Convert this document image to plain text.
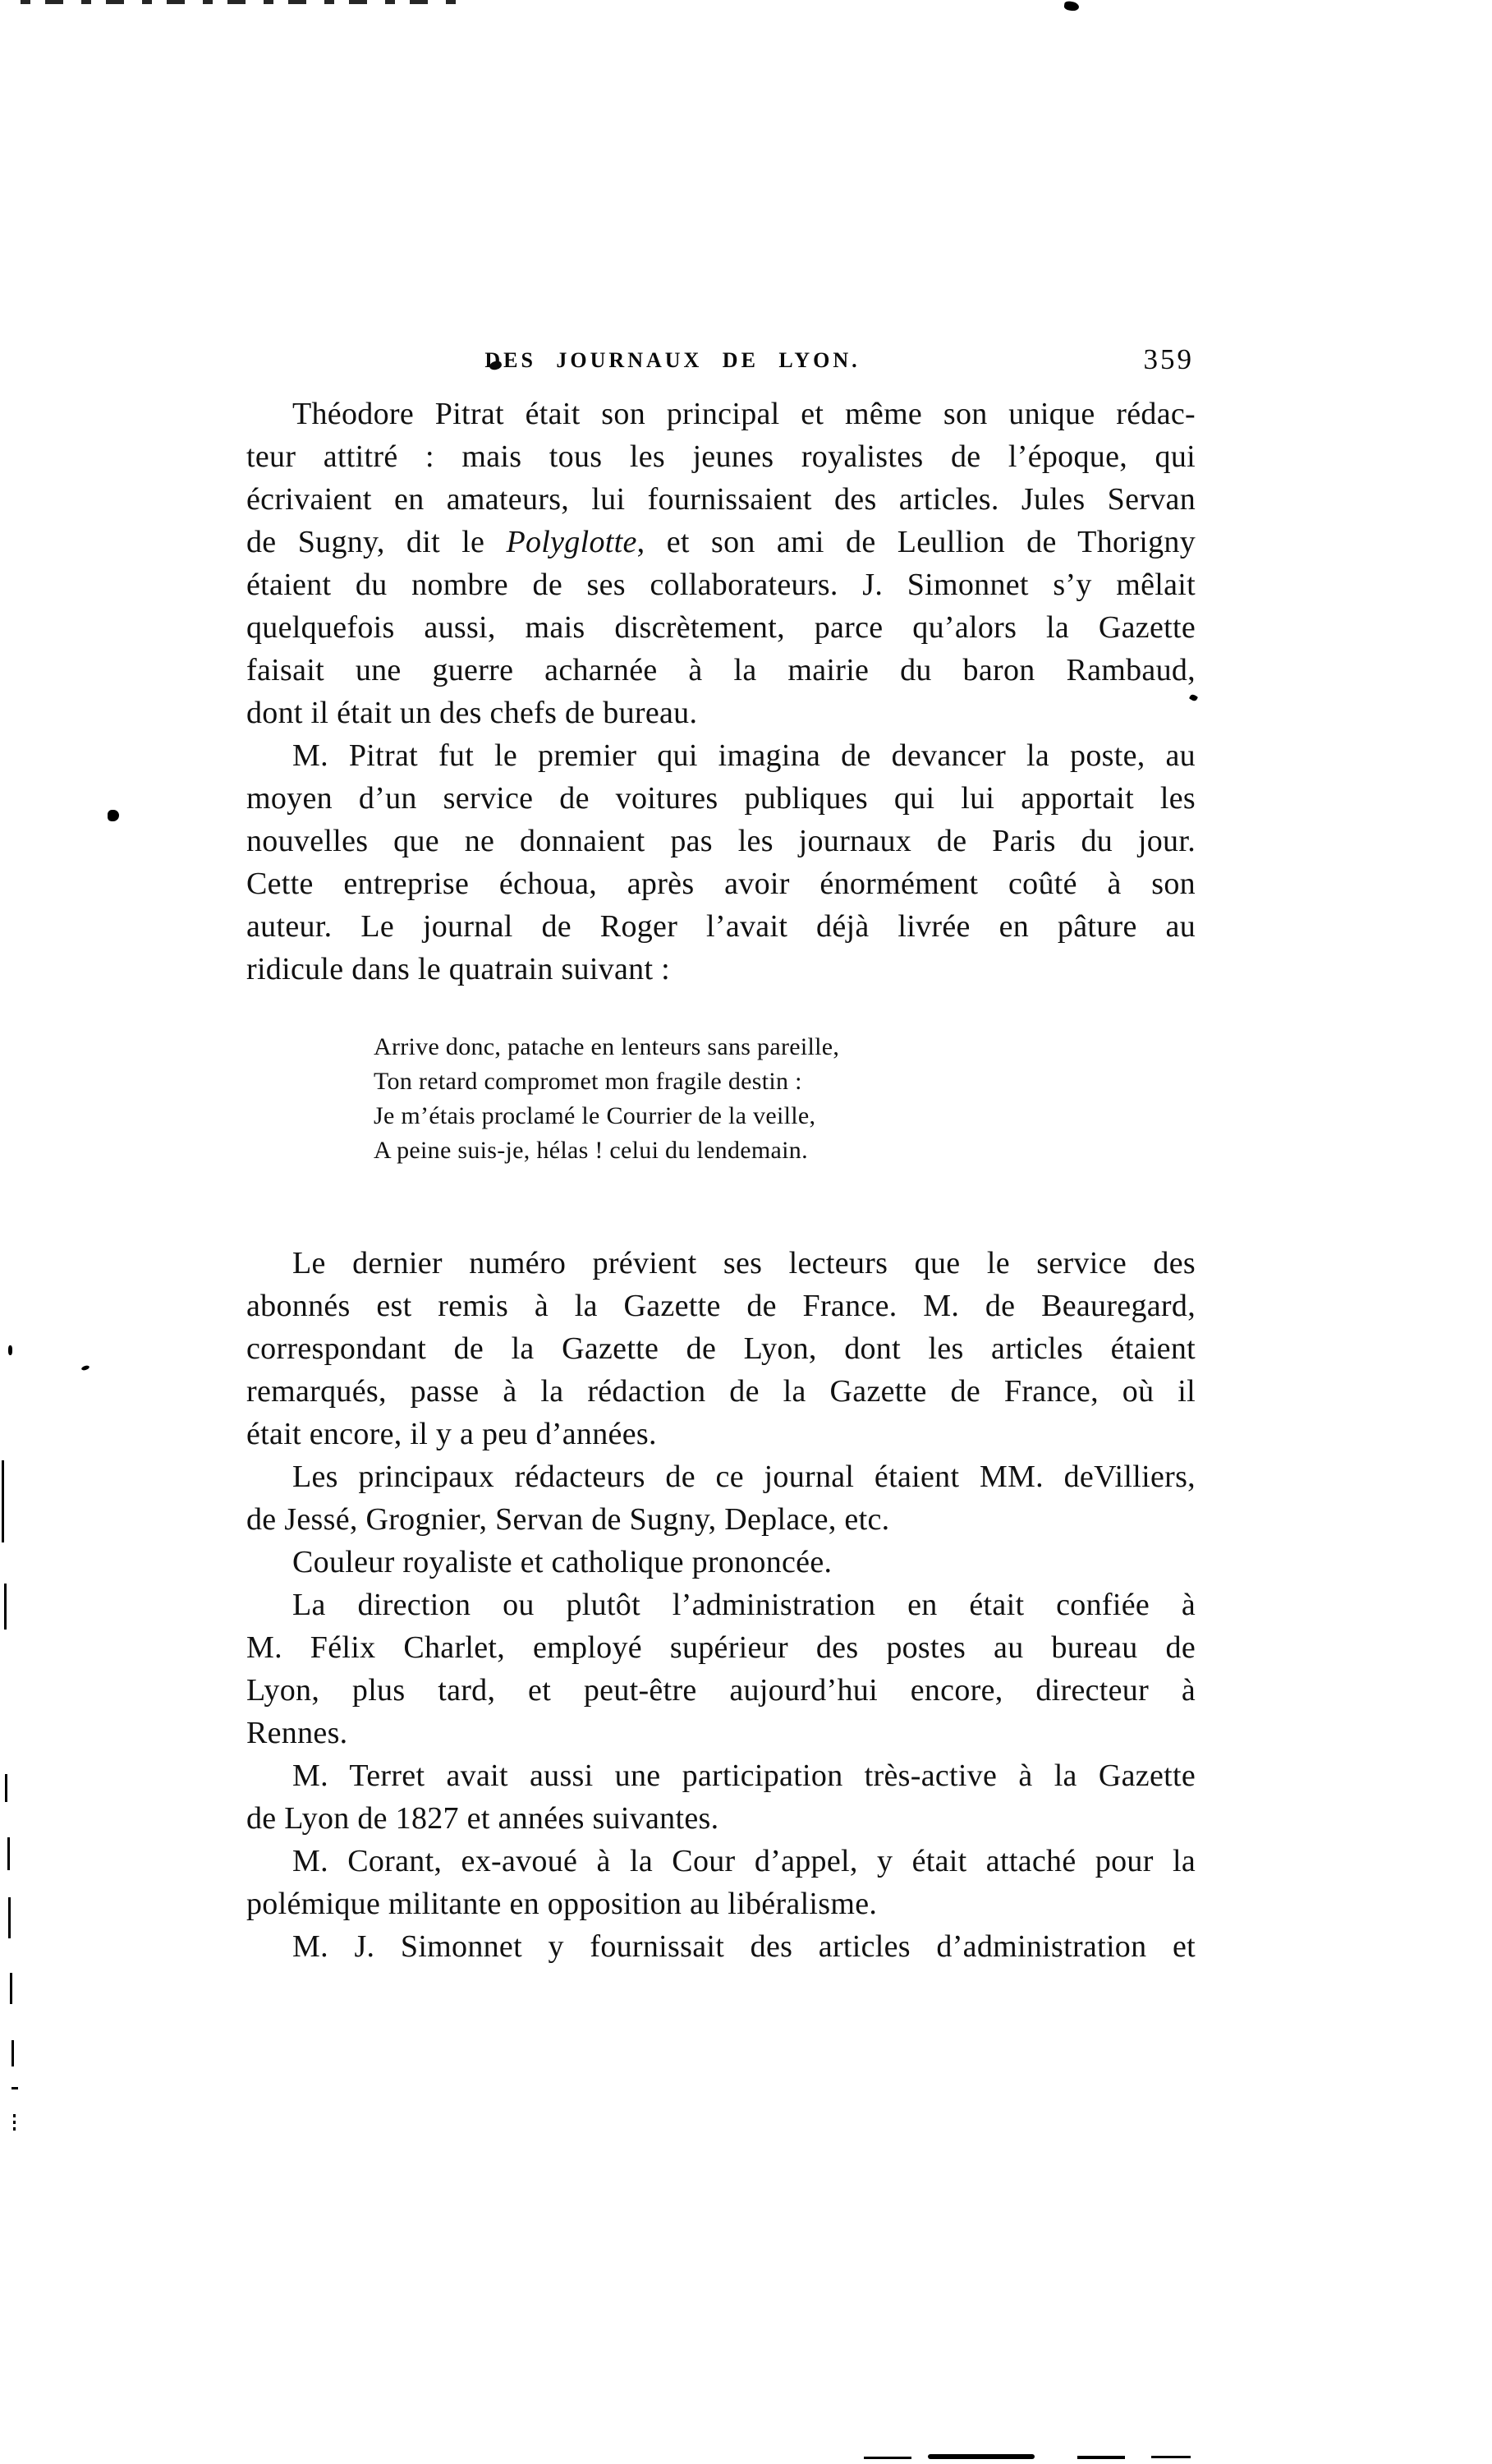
DES JOURNAUX DE LYON.	359
Théodore Pitrat était son principal et même son unique rédac-
teur attitré : mais tous les jeunes royalistes de l’époque, qui
écrivaient en amateurs, lui fournissaient des articles. Jules Servan
de Sugny, dit le Polyglotte, et son ami de Leullion de Thorigny
étaient du nombre de ses collaborateurs. J. Simonnet s’y mêlait
quelquefois aussi, mais discrètement, parce qu’alors la Gazette
faisait une guerre acharnée à la mairie du baron Rambaud,
dont il était un des chefs de bureau.
M. Pitrat fut le premier qui imagina de devancer la poste, au
moyen d’un service de voitures publiques qui lui apportait les
nouvelles que ne donnaient pas les journaux de Paris du jour.
Cette entreprise échoua, après avoir énormément coûté à son
auteur. Le journal de Roger l’avait déjà livrée en pâture au
ridicule dans le quatrain suivant :
Arrive donc, patache en lenteurs sans pareille,
Ton retard compromet mon fragile destin :
Je m’étais proclamé le Courrier de la veille,
A peine suis-je, hélas ! celui du lendemain.
Le dernier numéro prévient ses lecteurs que le service des
abonnés est remis à la Gazette de France. M. de Beauregard,
correspondant de la Gazette de Lyon, dont les articles étaient
remarqués, passe à la rédaction de la Gazette de France, où il
était encore, il y a peu d’années.
Les principaux rédacteurs de ce journal étaient MM. deVilliers,
de Jessé, Grognier, Servan de Sugny, Deplace, etc.
Couleur royaliste et catholique prononcée.
La direction ou plutôt l’administration en était confiée à
M. Félix Charlet, employé supérieur des postes au bureau de
Lyon, plus tard, et peut-être aujourd’hui encore, directeur à
Rennes.
M. Terret avait aussi une participation très-active à la Gazette
de Lyon de 1827 et années suivantes.
M. Corant, ex-avoué à la Cour d’appel, y était attaché pour la
polémique militante en opposition au libéralisme.
M. J. Simonnet y fournissait des articles d’administration et
